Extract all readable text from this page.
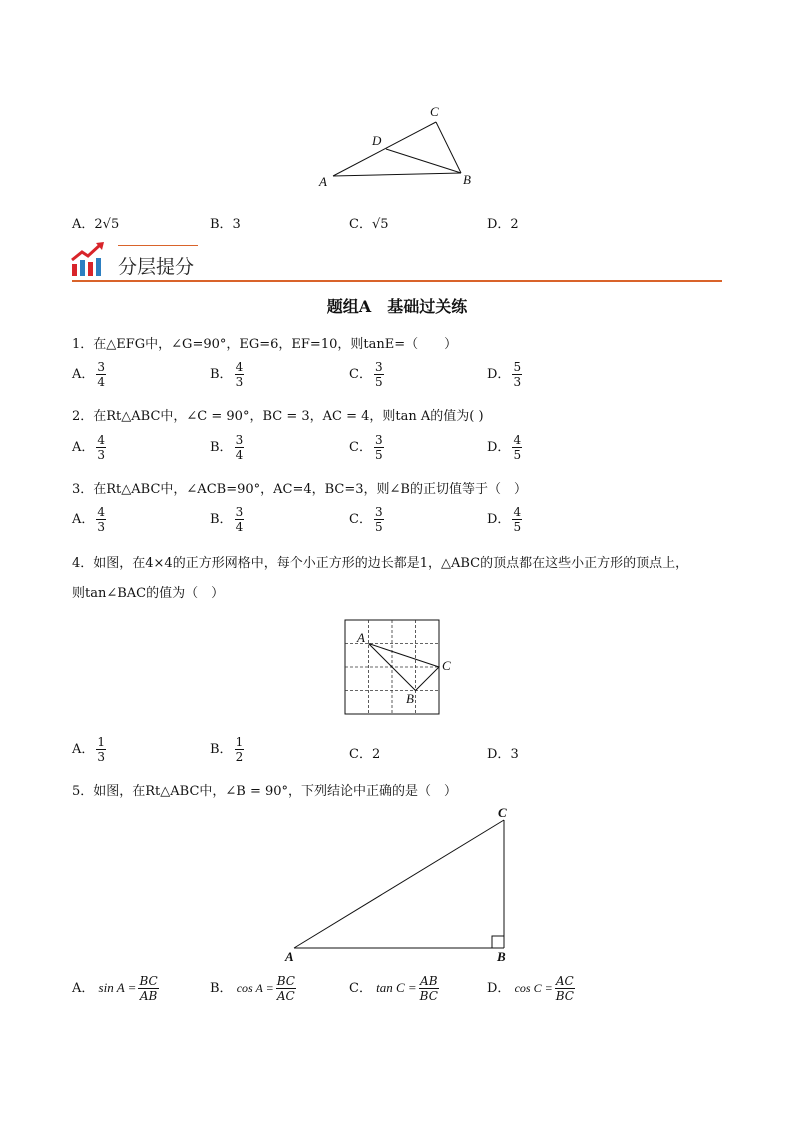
C
D
A	B
A．2√5	B．3	C．√5	D．2
分层提分
题组A　基础过关练
1．在△EFG中，∠G=90°，EG=6，EF=10，则tanE=（　　）
A． $\frac{3}{4}$	B． $\frac{4}{3}$	C． $\frac{3}{5}$	D． $\frac{5}{3}$
2．在Rt△ABC中，∠C = 90°，BC = 3，AC = 4，则tan A的值为( )
A． $\frac{4}{3}$	B． $\frac{3}{4}$	C． $\frac{3}{5}$	D． $\frac{4}{5}$
3．在Rt△ABC中，∠ACB=90°，AC=4，BC=3，则∠B的正切值等于（　）
A． $\frac{4}{3}$	B． $\frac{3}{4}$	C． $\frac{3}{5}$	D． $\frac{4}{5}$
4．如图，在4×4的正方形网格中，每个小正方形的边长都是1，△ABC的顶点都在这些小正方形的顶点上，
则tan∠BAC的值为（　）
A
C
B
A． $\frac{1}{3}$	B． $\frac{1}{2}$	C．2	D．3
5．如图，在Rt△ABC中，∠B = 90°，下列结论中正确的是（　）
C
A	B
A． $\sin A = \frac{BC}{AB}$	B． $\cos A = \frac{BC}{AC}$	C． $\tan C = \frac{AB}{BC}$	D． $\cos C = \frac{AC}{BC}$
